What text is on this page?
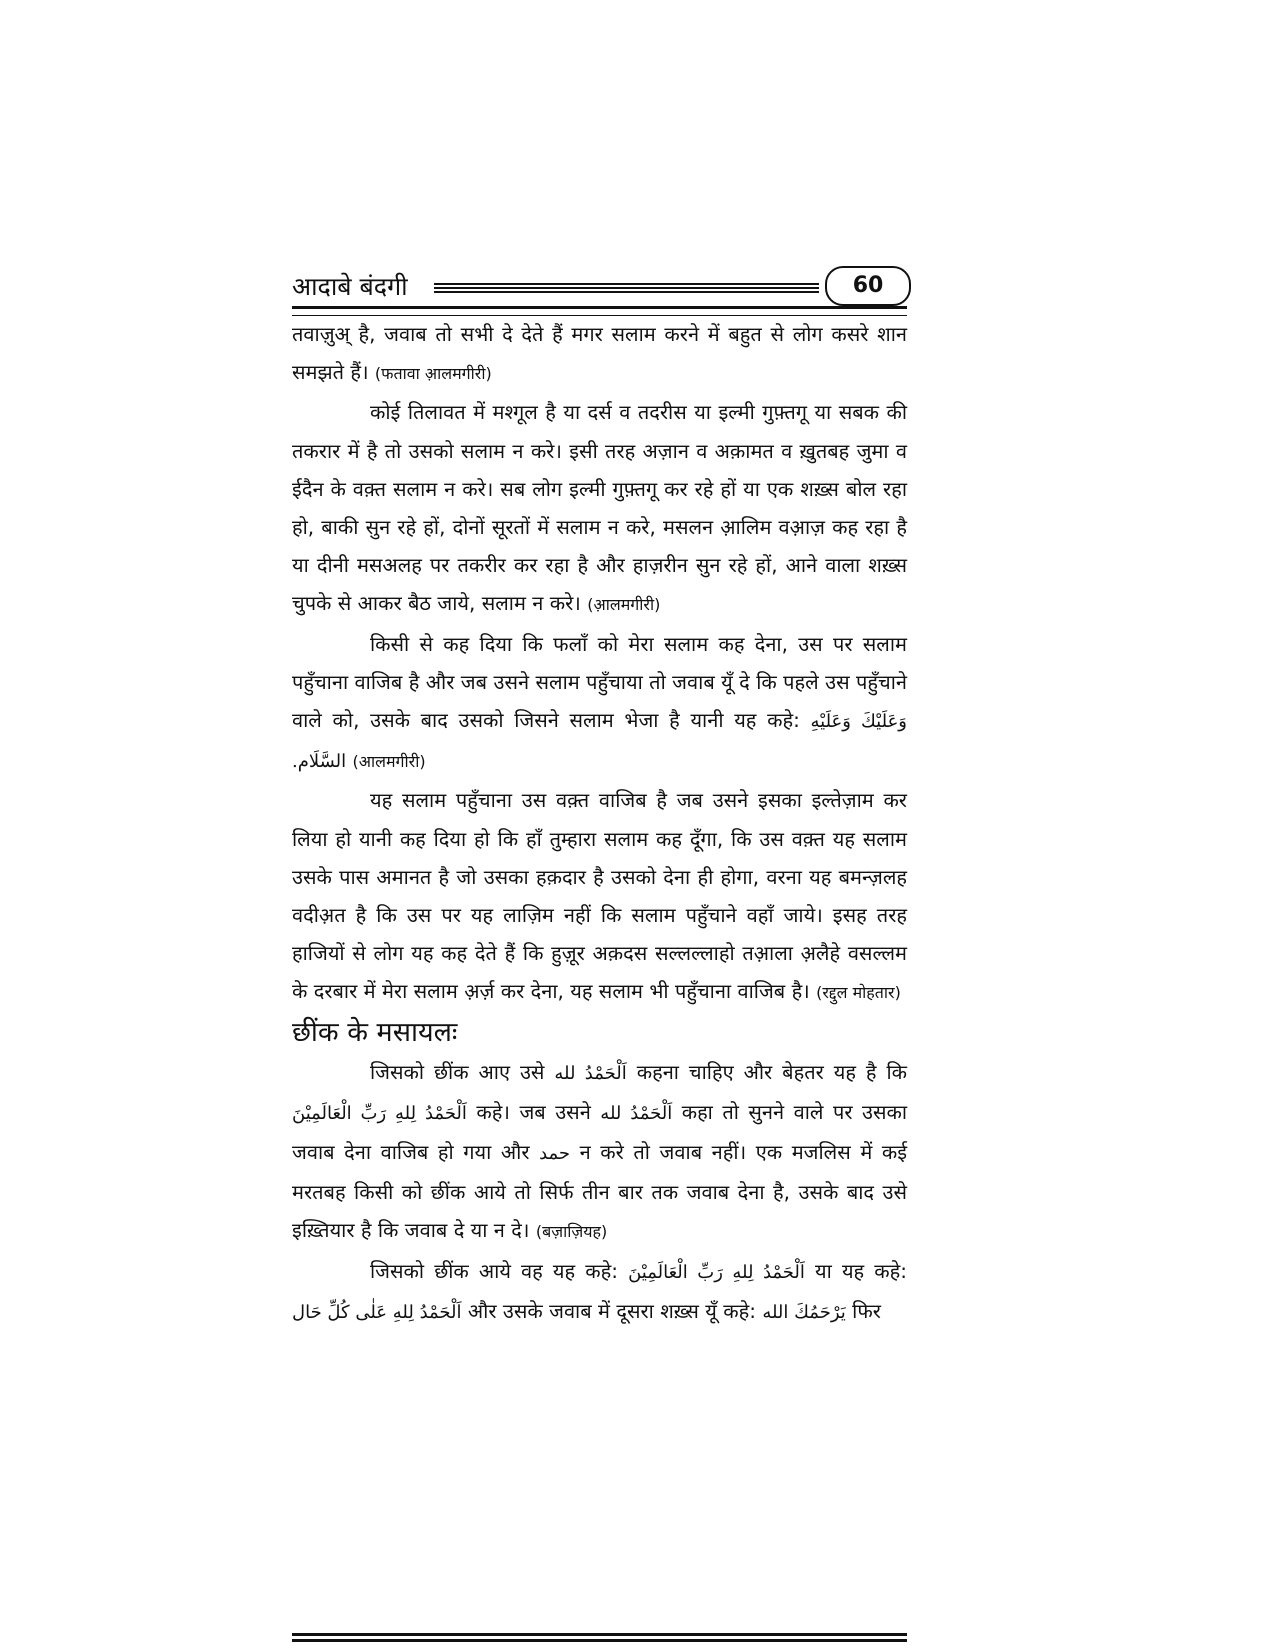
आदाबे बंदगी	60

तवाज़ुअ् है, जवाब तो सभी दे देते हैं मगर सलाम करने में बहुत से लोग कसरे शान समझते हैं। (फतावा आ़लमगीरी)

कोई तिलावत में मश्गूल है या दर्स व तदरीस या इल्मी गुफ़्तगू या सबक की तकरार में है तो उसको सलाम न करे। इसी तरह अज़ान व अक़ामत व ख़ुतबह जुमा व ईदैन के वक़्त सलाम न करे। सब लोग इल्मी गुफ़्तगू कर रहे हों या एक शख़्स बोल रहा हो, बाकी सुन रहे हों, दोनों सूरतों में सलाम न करे, मसलन आ़लिम वअ़ाज़ कह रहा है या दीनी मसअलह पर तकरीर कर रहा है और हाज़रीन सुन रहे हों, आने वाला शख़्स चुपके से आकर बैठ जाये, सलाम न करे। (आ़लमगीरी)

किसी से कह दिया कि फलाँ को मेरा सलाम कह देना, उस पर सलाम पहुँचाना वाजिब है और जब उसने सलाम पहुँचाया तो जवाब यूँ दे कि पहले उस पहुँचाने वाले को, उसके बाद उसको जिसने सलाम भेजा है यानी यह कहे: وَعَلَيْكَ وَعَلَيْهِ السَّلَام. (आलमगीरी)

यह सलाम पहुँचाना उस वक़्त वाजिब है जब उसने इसका इल्तेज़ाम कर लिया हो यानी कह दिया हो कि हाँ तुम्हारा सलाम कह दूँगा, कि उस वक़्त यह सलाम उसके पास अमानत है जो उसका हक़दार है उसको देना ही होगा, वरना यह बमन्ज़लह वदीअ़त है कि उस पर यह लाज़िम नहीं कि सलाम पहुँचाने वहाँ जाये। इसह तरह हाजियों से लोग यह कह देते हैं कि हुज़ूर अक़दस सल्लल्लाहो तआ़ला अ़लैहे वसल्लम के दरबार में मेरा सलाम अ़र्ज़ कर देना, यह सलाम भी पहुँचाना वाजिब है। (रद्दुल मोहतार)

छींक के मसायलः

जिसको छींक आए उसे اَلْحَمْدُ لله कहना चाहिए और बेहतर यह है कि اَلْحَمْدُ لِلهِ رَبِّ الْعَالَمِيْنَ कहे। जब उसने اَلْحَمْدُ لله कहा तो सुनने वाले पर उसका जवाब देना वाजिब हो गया और حمد न करे तो जवाब नहीं। एक मजलिस में कई मरतबह किसी को छींक आये तो सिर्फ तीन बार तक जवाब देना है, उसके बाद उसे इख़्तियार है कि जवाब दे या न दे। (बज़ाज़ियह)

जिसको छींक आये वह यह कहे: اَلْحَمْدُ لِلهِ رَبِّ الْعَالَمِيْنَ या यह कहे: اَلْحَمْدُ لِلهِ عَلٰى كُلِّ حَال और उसके जवाब में दूसरा शख़्स यूँ कहे: يَرْحَمُكَ الله फिर
